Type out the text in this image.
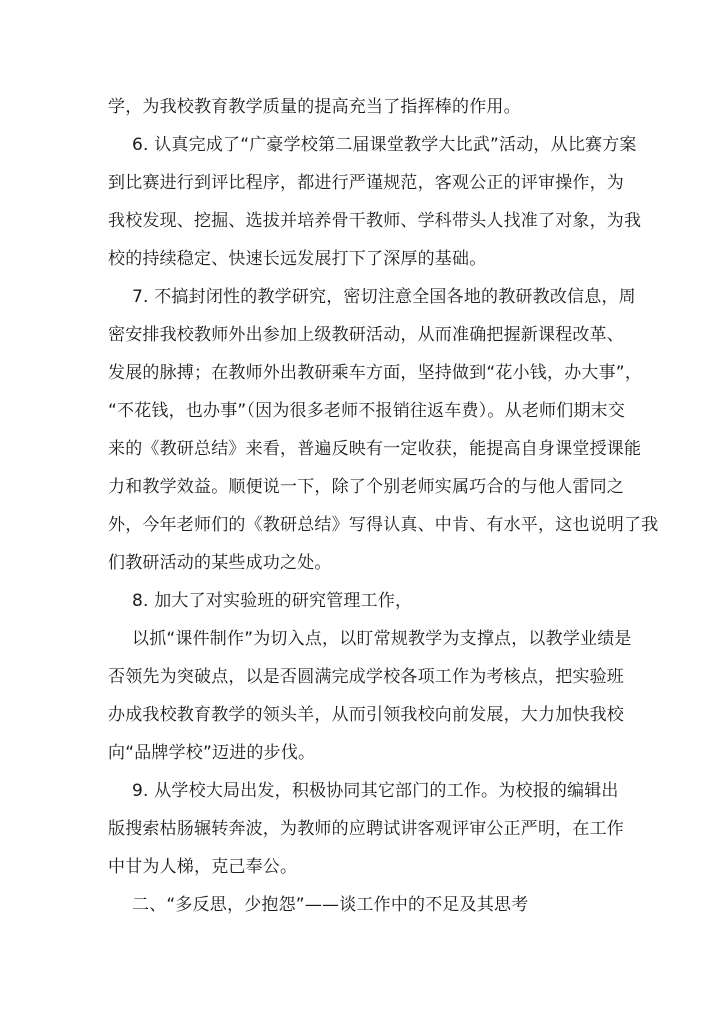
学，为我校教育教学质量的提高充当了指挥棒的作用。
6. 认真完成了“广豪学校第二届课堂教学大比武”活动，从比赛方案
到比赛进行到评比程序，都进行严谨规范，客观公正的评审操作，为
我校发现、挖掘、选拔并培养骨干教师、学科带头人找准了对象，为我
校的持续稳定、快速长远发展打下了深厚的基础。
7. 不搞封闭性的教学研究，密切注意全国各地的教研教改信息，周
密安排我校教师外出参加上级教研活动，从而准确把握新课程改革、
发展的脉搏；在教师外出教研乘车方面，坚持做到“花小钱，办大事”，
“不花钱，也办事”（因为很多老师不报销往返车费）。从老师们期末交
来的《教研总结》来看，普遍反映有一定收获，能提高自身课堂授课能
力和教学效益。顺便说一下，除了个别老师实属巧合的与他人雷同之
外，今年老师们的《教研总结》写得认真、中肯、有水平，这也说明了我
们教研活动的某些成功之处。
8. 加大了对实验班的研究管理工作，
以抓“课件制作”为切入点，以盯常规教学为支撑点，以教学业绩是
否领先为突破点，以是否圆满完成学校各项工作为考核点，把实验班
办成我校教育教学的领头羊，从而引领我校向前发展，大力加快我校
向“品牌学校”迈进的步伐。
9. 从学校大局出发，积极协同其它部门的工作。为校报的编辑出
版搜索枯肠辗转奔波，为教师的应聘试讲客观评审公正严明，在工作
中甘为人梯，克己奉公。
二、“多反思，少抱怨”——谈工作中的不足及其思考
